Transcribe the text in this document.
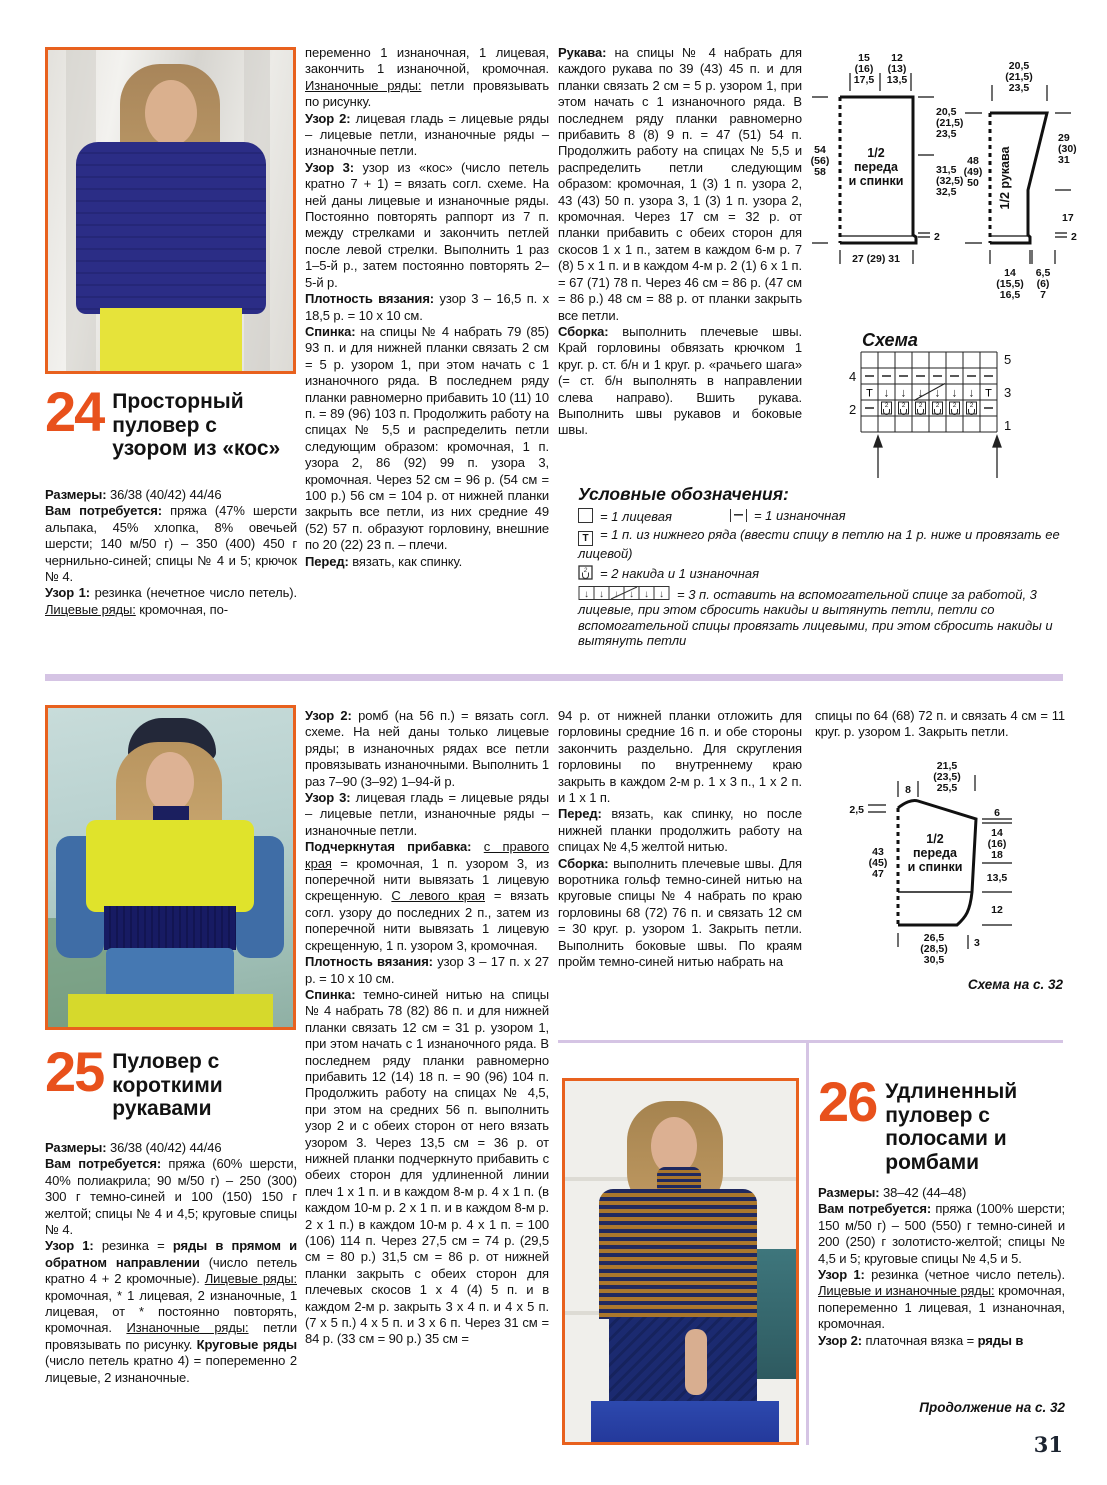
24 Просторный пуловер с узором из «кос»

Размеры: 36/38 (40/42) 44/46

Вам потребуется: пряжа (47% шерсти альпака, 45% хлопка, 8% овечьей шерсти; 140 м/50 г) – 350 (400) 450 г чернильно-синей; спицы № 4 и 5; крючок № 4.

Узор 1: резинка (нечетное число петель). Лицевые ряды: кромочная, по-

переменно 1 изнаночная, 1 лицевая, закончить 1 изнаночной, кромочная. Изнаночные ряды: петли провязывать по рисунку.

Узор 2: лицевая гладь = лицевые ряды – лицевые петли, изнаночные ряды – изнаночные петли.

Узор 3: узор из «кос» (число петель кратно 7 + 1) = вязать согл. схеме. На ней даны лицевые и изнаночные ряды. Постоянно повторять раппорт из 7 п. между стрелками и закончить петлей после левой стрелки. Выполнить 1 раз 1–5-й р., затем постоянно повторять 2–5-й р.

Плотность вязания: узор 3 – 16,5 п. х 18,5 р. = 10 х 10 см.

Спинка: на спицы № 4 набрать 79 (85) 93 п. и для нижней планки связать 2 см = 5 р. узором 1, при этом начать с 1 изнаночного ряда. В последнем ряду планки равномерно прибавить 10 (11) 10 п. = 89 (96) 103 п. Продолжить работу на спицах № 5,5 и распределить петли следующим образом: кромочная, 1 п. узора 2, 86 (92) 99 п. узора 3, кромочная. Через 52 см = 96 р. (54 см = 100 р.) 56 см = 104 р. от нижней планки закрыть все петли, из них средние 49 (52) 57 п. образуют горловину, внешние по 20 (22) 23 п. – плечи.

Перед: вязать, как спинку.

Рукава: на спицы № 4 набрать для каждого рукава по 39 (43) 45 п. и для планки связать 2 см = 5 р. узором 1, при этом начать с 1 изнаночного ряда. В последнем ряду планки равномерно прибавить 8 (8) 9 п. = 47 (51) 54 п. Продолжить работу на спицах № 5,5 и распределить петли следующим образом: кромочная, 1 (3) 1 п. узора 2, 43 (43) 50 п. узора 3, 1 (3) 1 п. узора 2, кромочная. Через 17 см = 32 р. от планки прибавить с обеих сторон для скосов 1 х 1 п., затем в каждом 6-м р. 7 (8) 5 х 1 п. и в каждом 4-м р. 2 (1) 6 х 1 п. = 67 (71) 78 п. Через 46 см = 86 р. (47 см = 86 р.) 48 см = 88 р. от планки закрыть все петли.

Сборка: выполнить плечевые швы. Край горловины обвязать крючком 1 круг. р. ст. б/н и 1 круг. р. «рачьего шага» (= ст. б/н выполнять в направлении слева направо). Вшить рукава. Выполнить швы рукавов и боковые швы.

15
(16)
17,5
12
(13)
13,5
20,5
(21,5)
23,5
31,5
(32,5)
32,5
54
(56)
58
27 (29) 31
2
1/2
переда
и спинки
20,5
(21,5)
23,5
48
(49)
50
29
(30)
31
17
2
14
(15,5)
16,5
6,5
(6)
7
1/2 рукава
Схема
↓
T	T
2 2 2 2 2 2
5
3
1
4
2

Условные обозначения:

= 1 лицевая	= 1 изнаночная
T = 1 п. из нижнего ряда (ввести спицу в петлю на 1 р. ниже и провязать ее лицевой)
2 = 2 накида и 1 изнаночная
↓ ↓ ↓ ↓ ↓ ↓ = 3 п. оставить на вспомогательной спице за работой, 3 лицевые, при этом сбросить накиды и вытянуть петли, петли со вспомогательной спицы провязать лицевыми, при этом сбросить накиды и вытянуть петли
25 Пуловер с короткими рукавами

Размеры: 36/38 (40/42) 44/46

Вам потребуется: пряжа (60% шерсти, 40% полиакрила; 90 м/50 г) – 250 (300) 300 г темно-синей и 100 (150) 150 г желтой; спицы № 4 и 4,5; круговые спицы № 4.

Узор 1: резинка = ряды в прямом и обратном направлении (число петель кратно 4 + 2 кромочные). Лицевые ряды: кромочная, * 1 лицевая, 2 изнаночные, 1 лицевая, от * постоянно повторять, кромочная. Изнаночные ряды: петли провязывать по рисунку. Круговые ряды (число петель кратно 4) = попеременно 2 лицевые, 2 изнаночные.

Узор 2: ромб (на 56 п.) = вязать согл. схеме. На ней даны только лицевые ряды; в изнаночных рядах все петли провязывать изнаночными. Выполнить 1 раз 7–90 (3–92) 1–94-й р.

Узор 3: лицевая гладь = лицевые ряды – лицевые петли, изнаночные ряды – изнаночные петли.

Подчеркнутая прибавка: с правого края = кромочная, 1 п. узором 3, из поперечной нити вывязать 1 лицевую скрещенную. С левого края = вязать согл. узору до последних 2 п., затем из поперечной нити вывязать 1 лицевую скрещенную, 1 п. узором 3, кромочная.

Плотность вязания: узор 3 – 17 п. х 27 р. = 10 х 10 см.

Спинка: темно-синей нитью на спицы № 4 набрать 78 (82) 86 п. и для нижней планки связать 12 см = 31 р. узором 1, при этом начать с 1 изнаночного ряда. В последнем ряду планки равномерно прибавить 12 (14) 18 п. = 90 (96) 104 п. Продолжить работу на спицах № 4,5, при этом на средних 56 п. выполнить узор 2 и с обеих сторон от него вязать узором 3. Через 13,5 см = 36 р. от нижней планки подчеркнуто прибавить с обеих сторон для удлиненной линии плеч 1 х 1 п. и в каждом 8-м р. 4 х 1 п. (в каждом 10-м р. 2 х 1 п. и в каждом 8-м р. 2 х 1 п.) в каждом 10-м р. 4 х 1 п. = 100 (106) 114 п. Через 27,5 см = 74 р. (29,5 см = 80 р.) 31,5 см = 86 р. от нижней планки закрыть с обеих сторон для плечевых скосов 1 х 4 (4) 5 п. и в каждом 2-м р. закрыть 3 х 4 п. и 4 х 5 п. (7 х 5 п.) 4 х 5 п. и 3 х 6 п. Через 31 см = 84 р. (33 см = 90 р.) 35 см =

94 р. от нижней планки отложить для горловины средние 16 п. и обе стороны закончить раздельно. Для скругления горловины по внутреннему краю закрыть в каждом 2-м р. 1 х 3 п., 1 х 2 п. и 1 х 1 п.

Перед: вязать, как спинку, но после нижней планки продолжить работу на спицах № 4,5 желтой нитью.

Сборка: выполнить плечевые швы. Для воротника гольф темно-синей нитью на круговые спицы № 4 набрать по краю горловины 68 (72) 76 п. и связать 12 см = 30 круг. р. узором 1. Закрыть петли. Выполнить боковые швы. По краям пройм темно-синей нитью набрать на

спицы по 64 (68) 72 п. и связать 4 см = 11 круг. р. узором 1. Закрыть петли.

2,5
8
21,5
(23,5)
25,5
6
14
(16)
18
13,5
12
43
(45)
47
26,5
(28,5)
30,5
3
1/2
переда
и спинки
Схема на с. 32
26 Удлиненный пуловер с полосами и ромбами

Размеры: 38–42 (44–48)

Вам потребуется: пряжа (100% шерсти; 150 м/50 г) – 500 (550) г темно-синей и 200 (250) г золотисто-желтой; спицы № 4,5 и 5; круговые спицы № 4,5 и 5.

Узор 1: резинка (четное число петель). Лицевые и изнаночные ряды: кромочная, попеременно 1 лицевая, 1 изнаночная, кромочная.

Узор 2: платочная вязка = ряды в

Продолжение на с. 32
31
